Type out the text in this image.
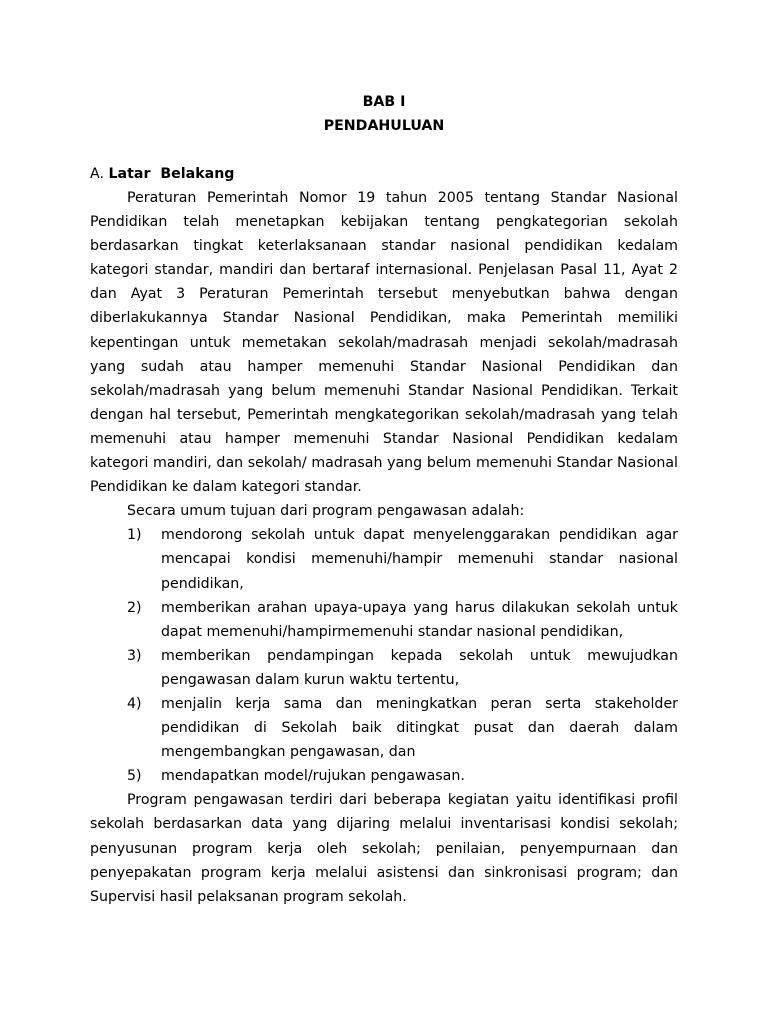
BAB I
PENDAHULUAN
A. Latar  Belakang

Peraturan Pemerintah Nomor 19 tahun 2005 tentang Standar Nasional Pendidikan telah menetapkan kebijakan tentang pengkategorian sekolah berdasarkan tingkat keterlaksanaan standar nasional pendidikan kedalam kategori standar, mandiri dan bertaraf internasional. Penjelasan Pasal 11, Ayat 2 dan Ayat 3 Peraturan Pemerintah tersebut menyebutkan bahwa dengan diberlakukannya Standar Nasional Pendidikan, maka Pemerintah memiliki kepentingan untuk memetakan sekolah/madrasah menjadi sekolah/madrasah yang sudah atau hamper memenuhi Standar Nasional Pendidikan dan sekolah/madrasah yang belum memenuhi Standar Nasional Pendidikan. Terkait dengan hal tersebut, Pemerintah mengkategorikan sekolah/madrasah yang telah memenuhi atau hamper memenuhi Standar Nasional Pendidikan kedalam kategori mandiri, dan sekolah/ madrasah yang belum memenuhi Standar Nasional Pendidikan ke dalam kategori standar.

Secara umum tujuan dari program pengawasan adalah:

1) mendorong sekolah untuk dapat menyelenggarakan pendidikan agar mencapai kondisi memenuhi/hampir memenuhi standar nasional pendidikan,
2) memberikan arahan upaya-upaya yang harus dilakukan sekolah untuk dapat memenuhi/hampirmemenuhi standar nasional pendidikan,
3) memberikan pendampingan kepada sekolah untuk mewujudkan pengawasan dalam kurun waktu tertentu,
4) menjalin kerja sama dan meningkatkan peran serta stakeholder pendidikan di Sekolah baik ditingkat pusat dan daerah dalam mengembangkan pengawasan, dan
5) mendapatkan model/rujukan pengawasan.

Program pengawasan terdiri dari beberapa kegiatan yaitu identifikasi profil sekolah berdasarkan data yang dijaring melalui inventarisasi kondisi sekolah; penyusunan program kerja oleh sekolah; penilaian, penyempurnaan dan penyepakatan program kerja melalui asistensi dan sinkronisasi program; dan Supervisi hasil pelaksanan program sekolah.
